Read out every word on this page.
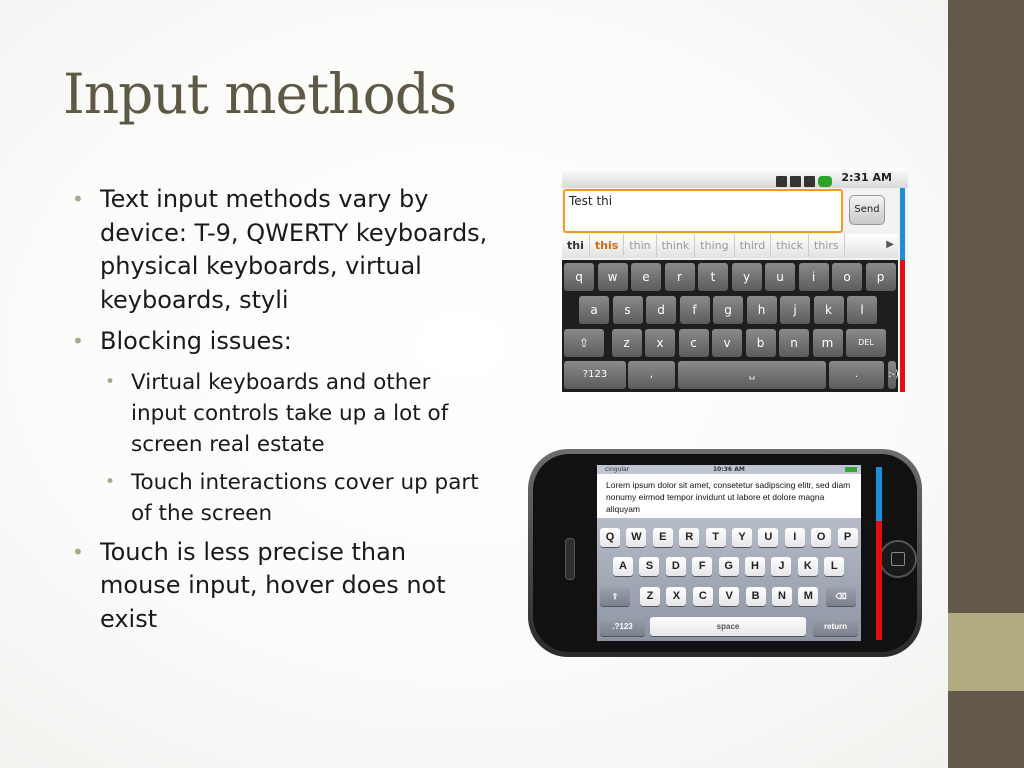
Input methods
• Text input methods vary by device: T-9, QWERTY keyboards, physical keyboards, virtual keyboards, styli
• Blocking issues:
• Virtual keyboards and other input controls take up a lot of screen real estate
• Touch interactions cover up part of the screen
• Touch is less precise than mouse input, hover does not exist
2:31 AM
Test thi
Send
thi this thin think thing third thick thirs	▶
q	w	e	r	t	y	u	i	o	p
a	s	d	f	g	h	j	k	l
⇧	z	x	c	v	b	n	m	DEL
?123	,	␣	.	:-)
cingular	10:36 AM
Lorem ipsum dolor sit amet, consetetur sadipscing elitr, sed diam nonumy eirmod tempor invidunt ut labore et dolore magna aliquyam
Q	W	E	R	T	Y	U	I	O	P
A	S	D	F	G	H	J	K	L
⇧	Z	X	C	V	B	N	M	⌫
.?123	space	return
